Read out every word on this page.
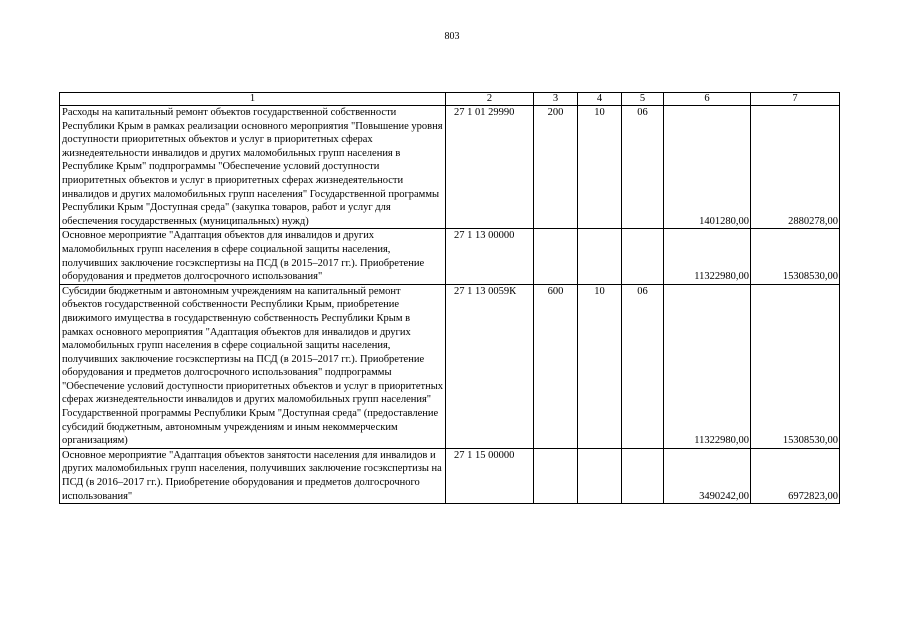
803
1	2	3	4	5	6	7
Расходы на капитальный ремонт объектов государственной собственности Республики Крым в рамках реализации основного мероприятия "Повышение уровня доступности приоритетных объектов и услуг в приоритетных сферах жизнедеятельности инвалидов и других маломобильных групп населения в Республике Крым" подпрограммы "Обеспечение условий доступности приоритетных объектов и услуг в приоритетных сферах жизнедеятельности инвалидов и других маломобильных групп населения" Государственной программы Республики Крым "Доступная среда" (закупка товаров, работ и услуг для обеспечения государственных (муниципальных) нужд)	27 1 01 29990	200	10	06	1401280,00	2880278,00
Основное мероприятие "Адаптация объектов для инвалидов и других маломобильных групп населения в сфере социальной защиты населения, получивших заключение госэкспертизы на ПСД (в 2015–2017 гг.). Приобретение оборудования и предметов долгосрочного использования"	27 1 13 00000				11322980,00	15308530,00
Субсидии бюджетным и автономным учреждениям на капитальный ремонт объектов государственной собственности Республики Крым, приобретение движимого имущества в государственную собственность Республики Крым в рамках основного мероприятия "Адаптация объектов для инвалидов и других маломобильных групп населения в сфере социальной защиты населения, получивших заключение госэкспертизы на ПСД (в 2015–2017 гг.). Приобретение оборудования и предметов долгосрочного использования" подпрограммы "Обеспечение условий доступности приоритетных объектов и услуг в приоритетных сферах жизнедеятельности инвалидов и других маломобильных групп населения" Государственной программы Республики Крым "Доступная среда" (предоставление субсидий бюджетным, автономным учреждениям и иным некоммерческим организациям)	27 1 13 0059К	600	10	06	11322980,00	15308530,00
Основное мероприятие "Адаптация объектов занятости населения для инвалидов и других маломобильных групп населения, получивших заключение госэкспертизы на ПСД (в 2016–2017 гг.). Приобретение оборудования и предметов долгосрочного использования"	27 1 15 00000				3490242,00	6972823,00
